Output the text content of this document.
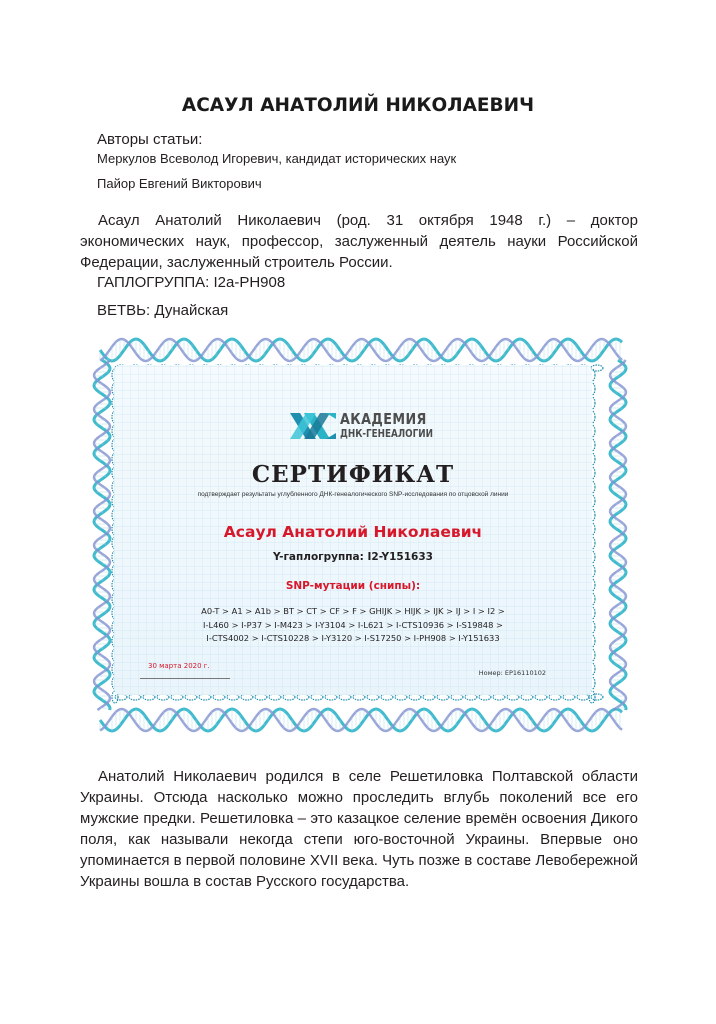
АСАУЛ АНАТОЛИЙ НИКОЛАЕВИЧ
Авторы статьи:
Меркулов Всеволод Игоревич, кандидат исторических наук
Пайор Евгений Викторович
Асаул Анатолий Николаевич (род. 31 октября 1948 г.) – доктор экономических наук, профессор, заслуженный деятель науки Российской Федерации, заслуженный строитель России.
ГАПЛОГРУППА: I2a-PH908
ВЕТВЬ: Дунайская
АКАДЕМИЯ
ДНК-ГЕНЕАЛОГИИ
СЕРТИФИКАТ
подтверждает результаты углубленного ДНК-генеалогического SNP-исследования по отцовской линии
Асаул Анатолий Николаевич
Y-гаплогруппа: I2-Y151633
SNP-мутации (снипы):
A0-T > A1 > A1b > BT > CT > CF > F > GHIJK > HIJK > IJK > IJ > I > I2 >
I-L460 > I-P37 > I-M423 > I-Y3104 > I-L621 > I-CTS10936 > I-S19848 >
I-CTS4002 > I-CTS10228 > I-Y3120 > I-S17250 > I-PH908 > I-Y151633
30 марта 2020 г.
Номер: EP16110102
Анатолий Николаевич родился в селе Решетиловка Полтавской области Украины. Отсюда насколько можно проследить вглубь поколений все его мужские предки. Решетиловка – это казацкое селение времён освоения Дикого поля, как называли некогда степи юго-восточной Украины. Впервые оно упоминается в первой половине XVII века. Чуть позже в составе Левобережной Украины вошла в состав Русского государства.
